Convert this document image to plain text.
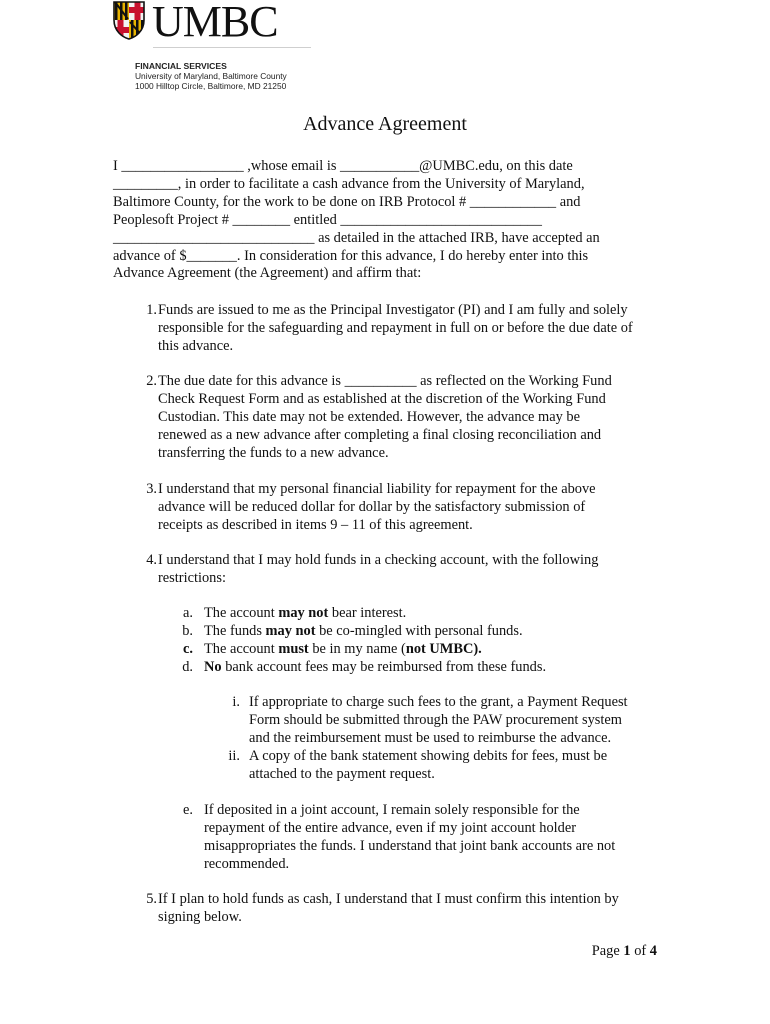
UMBC
FINANCIAL SERVICES
University of Maryland, Baltimore County
1000 Hilltop Circle, Baltimore, MD 21250
Advance Agreement
I _________________ ,whose email is ___________@UMBC.edu, on this date
_________, in order to facilitate a cash advance from the University of Maryland,
Baltimore County, for the work to be done on IRB Protocol # ____________ and
Peoplesoft Project # ________ entitled ____________________________
____________________________ as detailed in the attached IRB, have accepted an
advance of $_______. In consideration for this advance, I do hereby enter into this
Advance Agreement (the Agreement) and affirm that:
1. Funds are issued to me as the Principal Investigator (PI) and I am fully and solely
responsible for the safeguarding and repayment in full on or before the due date of
this advance.
2. The due date for this advance is __________ as reflected on the Working Fund
Check Request Form and as established at the discretion of the Working Fund
Custodian. This date may not be extended. However, the advance may be
renewed as a new advance after completing a final closing reconciliation and
transferring the funds to a new advance.
3. I understand that my personal financial liability for repayment for the above
advance will be reduced dollar for dollar by the satisfactory submission of
receipts as described in items 9 – 11 of this agreement.
4. I understand that I may hold funds in a checking account, with the following
restrictions:
a. The account may not bear interest.
b. The funds may not be co-mingled with personal funds.
c. The account must be in my name (not UMBC).
d. No bank account fees may be reimbursed from these funds.
i. If appropriate to charge such fees to the grant, a Payment Request
Form should be submitted through the PAW procurement system
and the reimbursement must be used to reimburse the advance.
ii. A copy of the bank statement showing debits for fees, must be
attached to the payment request.
e. If deposited in a joint account, I remain solely responsible for the
repayment of the entire advance, even if my joint account holder
misappropriates the funds. I understand that joint bank accounts are not
recommended.
5. If I plan to hold funds as cash, I understand that I must confirm this intention by
signing below.
Page 1 of 4
